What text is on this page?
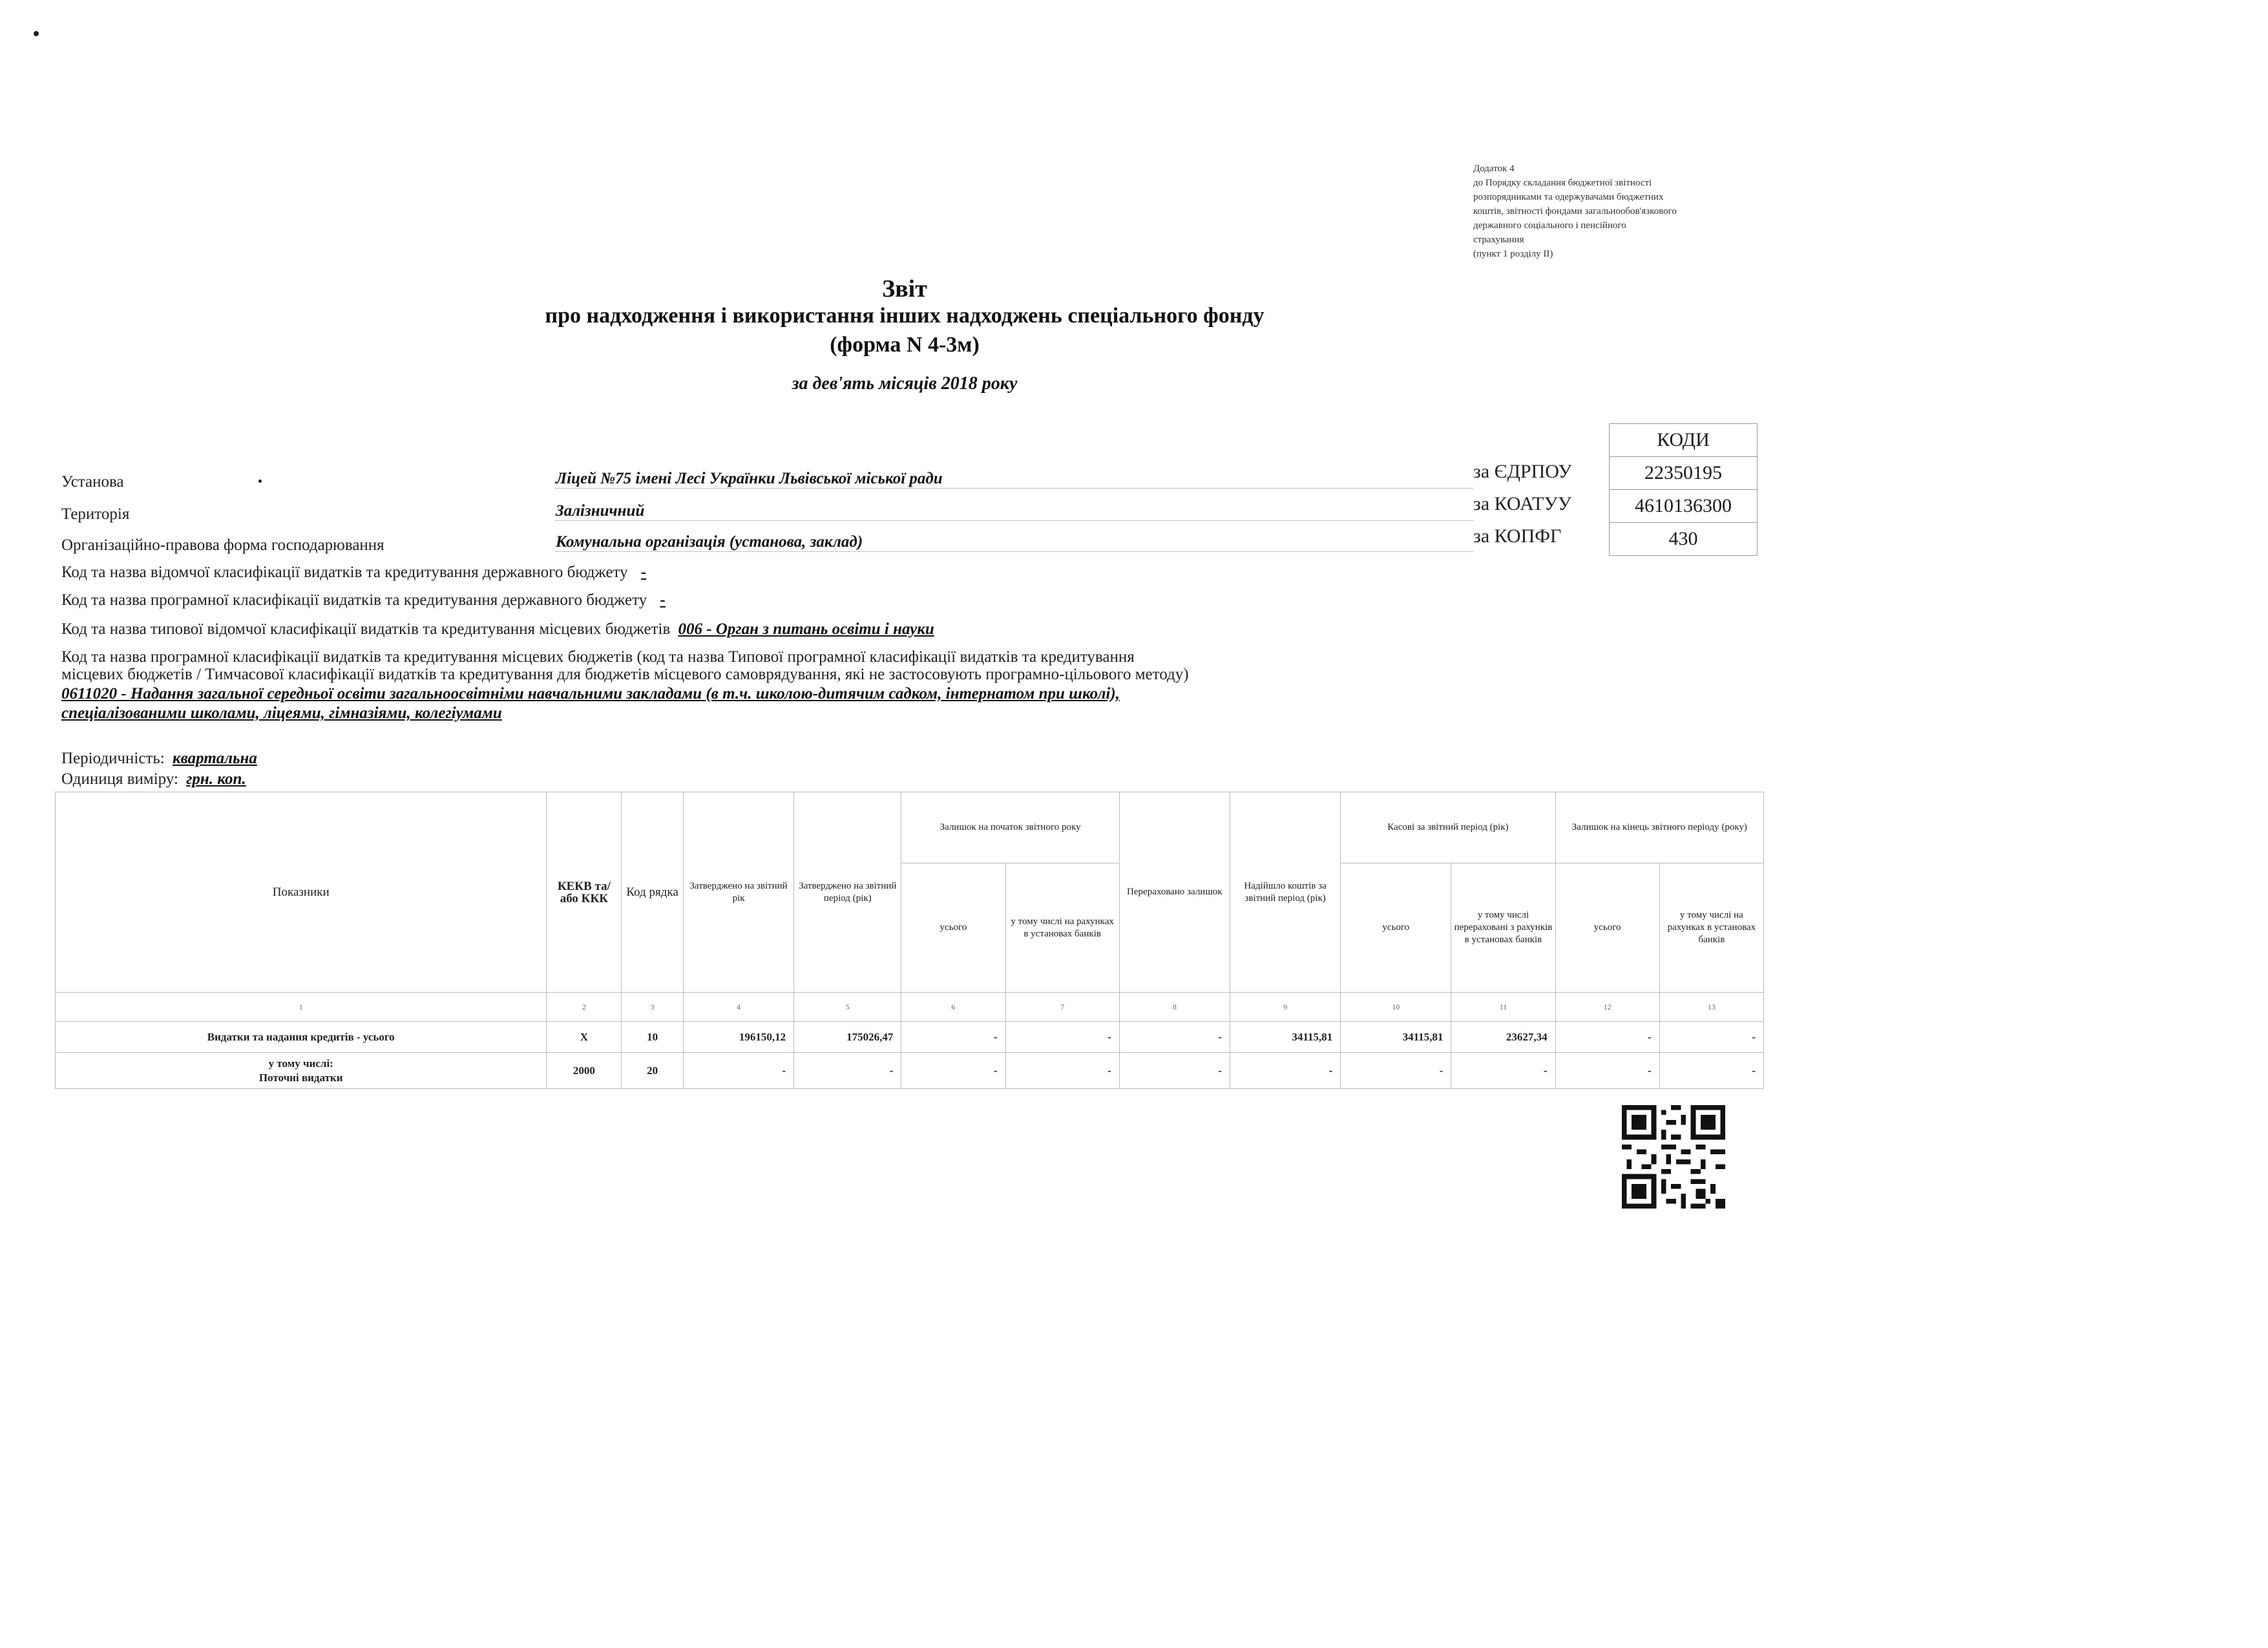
Додаток 4
до Порядку складання бюджетної звітності
розпорядниками та одержувачами бюджетних
коштів, звітності фондами загальнообов'язкового
державного соціального і пенсійного
страхування
(пункт 1 розділу II)
Звіт
про надходження і використання інших надходжень спеціального фонду
(форма N 4-3м)
за дев'ять місяців 2018 року
КОДИ
22350195
4610136300
430
за ЄДРПОУ
за КОАТУУ
за КОПФГ
Установа	Ліцей №75 імені Лесі Українки Львівської міської ради
Територія	Залізничний
Організаційно-правова форма господарювання	Комунальна організація (установа, заклад)
Код та назва відомчої класифікації видатків та кредитування державного бюджету -
Код та назва програмної класифікації видатків та кредитування державного бюджету -
Код та назва типової відомчої класифікації видатків та кредитування місцевих бюджетів 006 - Орган з питань освіти і науки
Код та назва програмної класифікації видатків та кредитування місцевих бюджетів (код та назва Типової програмної класифікації видатків та кредитування
місцевих бюджетів / Тимчасової класифікації видатків та кредитування для бюджетів місцевого самоврядування, які не застосовують програмно-цільового методу)
0611020 - Надання загальної середньої освіти загальноосвітніми навчальними закладами (в т.ч. школою-дитячим садком, інтернатом при школі),
спеціалізованими школами, ліцеями, гімназіями, колегіумами
Періодичність: квартальна
Одиниця виміру: грн. коп.
Показники	КЕКВ та/або ККК	Код рядка	Затверджено на звітний рік	Затверджено на звітний період (рік)	Залишок на початок звітного року		Перераховано залишок	Надійшло коштів за звітний період (рік)	Касові за звітний період (рік)		Залишок на кінець звітного періоду (року)	
					усього	у тому числі на рахунках в установах банків			усього	у тому числі перераховані з рахунків в установах банків	усього	у тому числі на рахунках в установах банків
1	2	3	4	5	6	7	8	9	10	11	12	13
Видатки та надання кредитів - усього	X	10	196150,12	175026,47	-	-	-	34115,81	34115,81	23627,34	-	-

у тому числі:
Поточні видатки	2000	20	-	-	-	-	-	-	-	-	-	-
